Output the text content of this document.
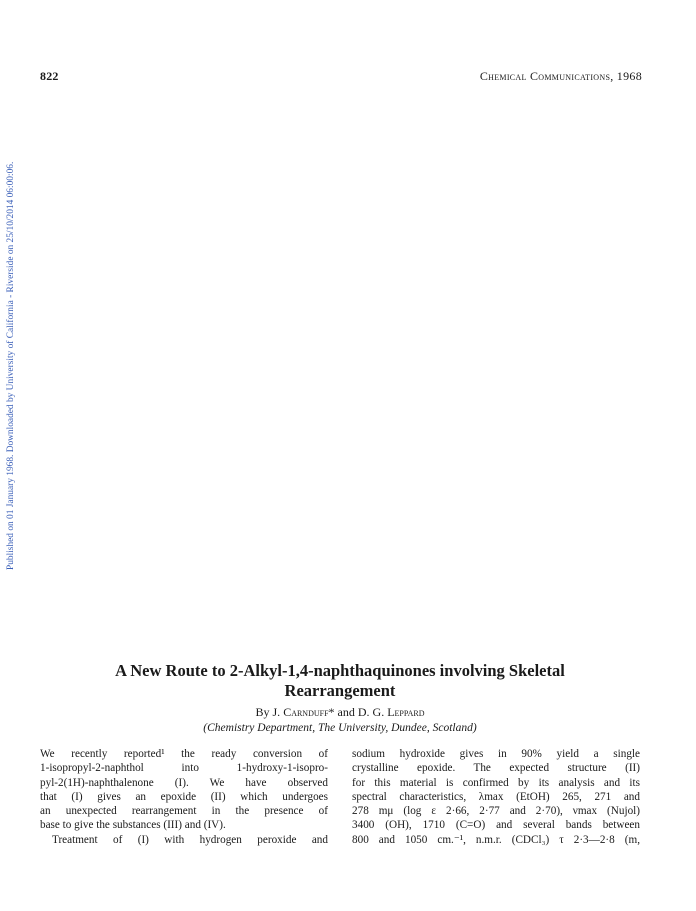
Published on 01 January 1968. Downloaded by University of California - Riverside on 25/10/2014 06:00:06.
822	Chemical Communications, 1968
A New Route to 2-Alkyl-1,4-naphthaquinones involving Skeletal
Rearrangement
By J. Carnduff* and D. G. Leppard
(Chemistry Department, The University, Dundee, Scotland)

We recently reported¹ the ready conversion of
1-isopropyl-2-naphthol into 1-hydroxy-1-isopro-
pyl-2(1H)-naphthalenone (I). We have observed
that (I) gives an epoxide (II) which undergoes
an unexpected rearrangement in the presence of
base to give the substances (III) and (IV).
Treatment of (I) with hydrogen peroxide and

sodium hydroxide gives in 90% yield a single
crystalline epoxide. The expected structure (II)
for this material is confirmed by its analysis and its
spectral characteristics, λmax (EtOH) 265, 271 and
278 mμ (log ε 2·66, 2·77 and 2·70), νmax (Nujol)
3400 (OH), 1710 (C=O) and several bands between
800 and 1050 cm.⁻¹, n.m.r. (CDCl₃) τ 2·3—2·8 (m,
